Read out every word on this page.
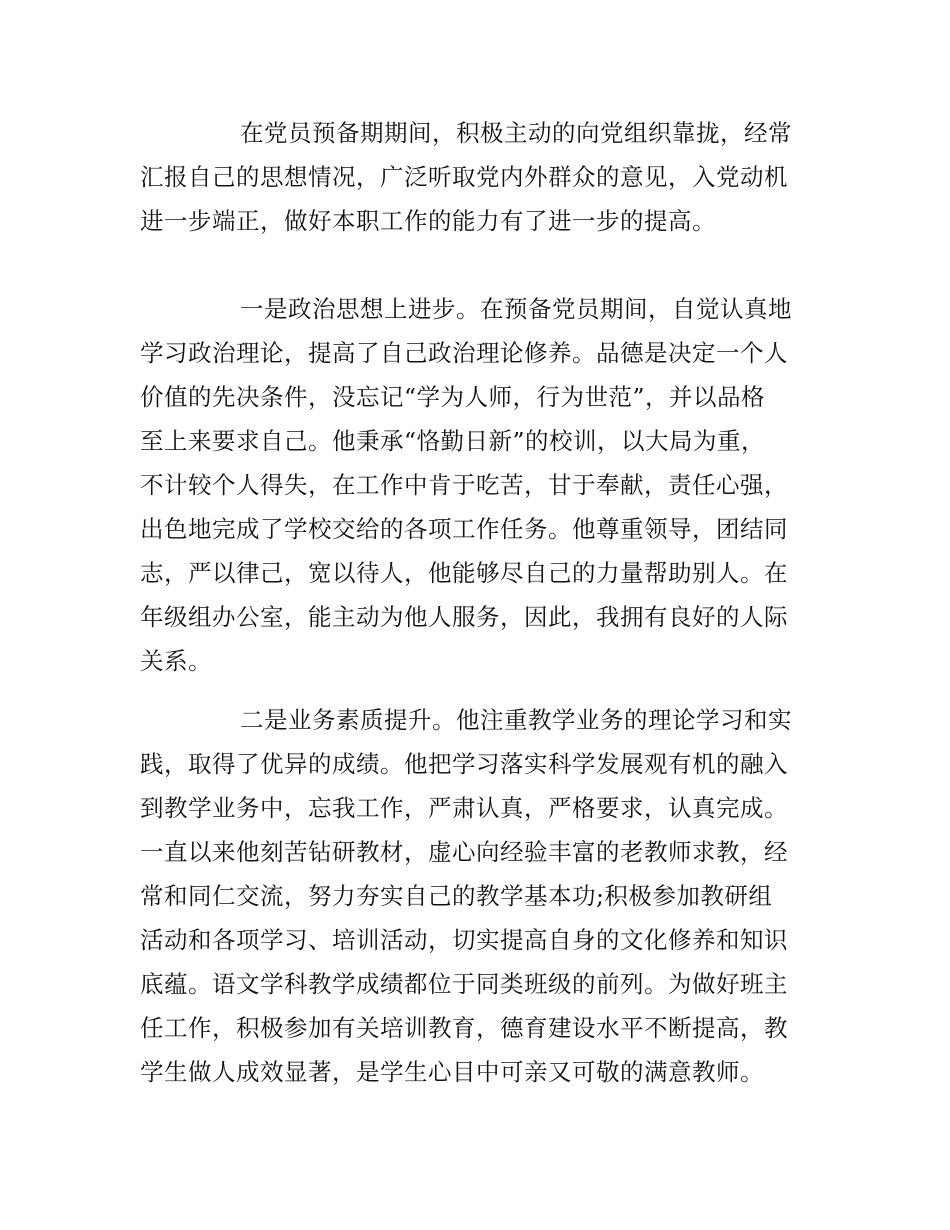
在党员预备期期间，积极主动的向党组织靠拢，经常

汇报自己的思想情况，广泛听取党内外群众的意见，入党动机

进一步端正，做好本职工作的能力有了进一步的提高。

一是政治思想上进步。在预备党员期间，自觉认真地

学习政治理论，提高了自己政治理论修养。品德是决定一个人

价值的先决条件，没忘记“学为人师，行为世范”，并以品格

至上来要求自己。他秉承“恪勤日新”的校训，以大局为重，

不计较个人得失，在工作中肯于吃苦，甘于奉献，责任心强，

出色地完成了学校交给的各项工作任务。他尊重领导，团结同

志，严以律己，宽以待人，他能够尽自己的力量帮助别人。在

年级组办公室，能主动为他人服务，因此，我拥有良好的人际

关系。

二是业务素质提升。他注重教学业务的理论学习和实

践，取得了优异的成绩。他把学习落实科学发展观有机的融入

到教学业务中，忘我工作，严肃认真，严格要求，认真完成。

一直以来他刻苦钻研教材，虚心向经验丰富的老教师求教，经

常和同仁交流，努力夯实自己的教学基本功;积极参加教研组

活动和各项学习、培训活动，切实提高自身的文化修养和知识

底蕴。语文学科教学成绩都位于同类班级的前列。为做好班主

任工作，积极参加有关培训教育，德育建设水平不断提高，教

学生做人成效显著，是学生心目中可亲又可敬的满意教师。
